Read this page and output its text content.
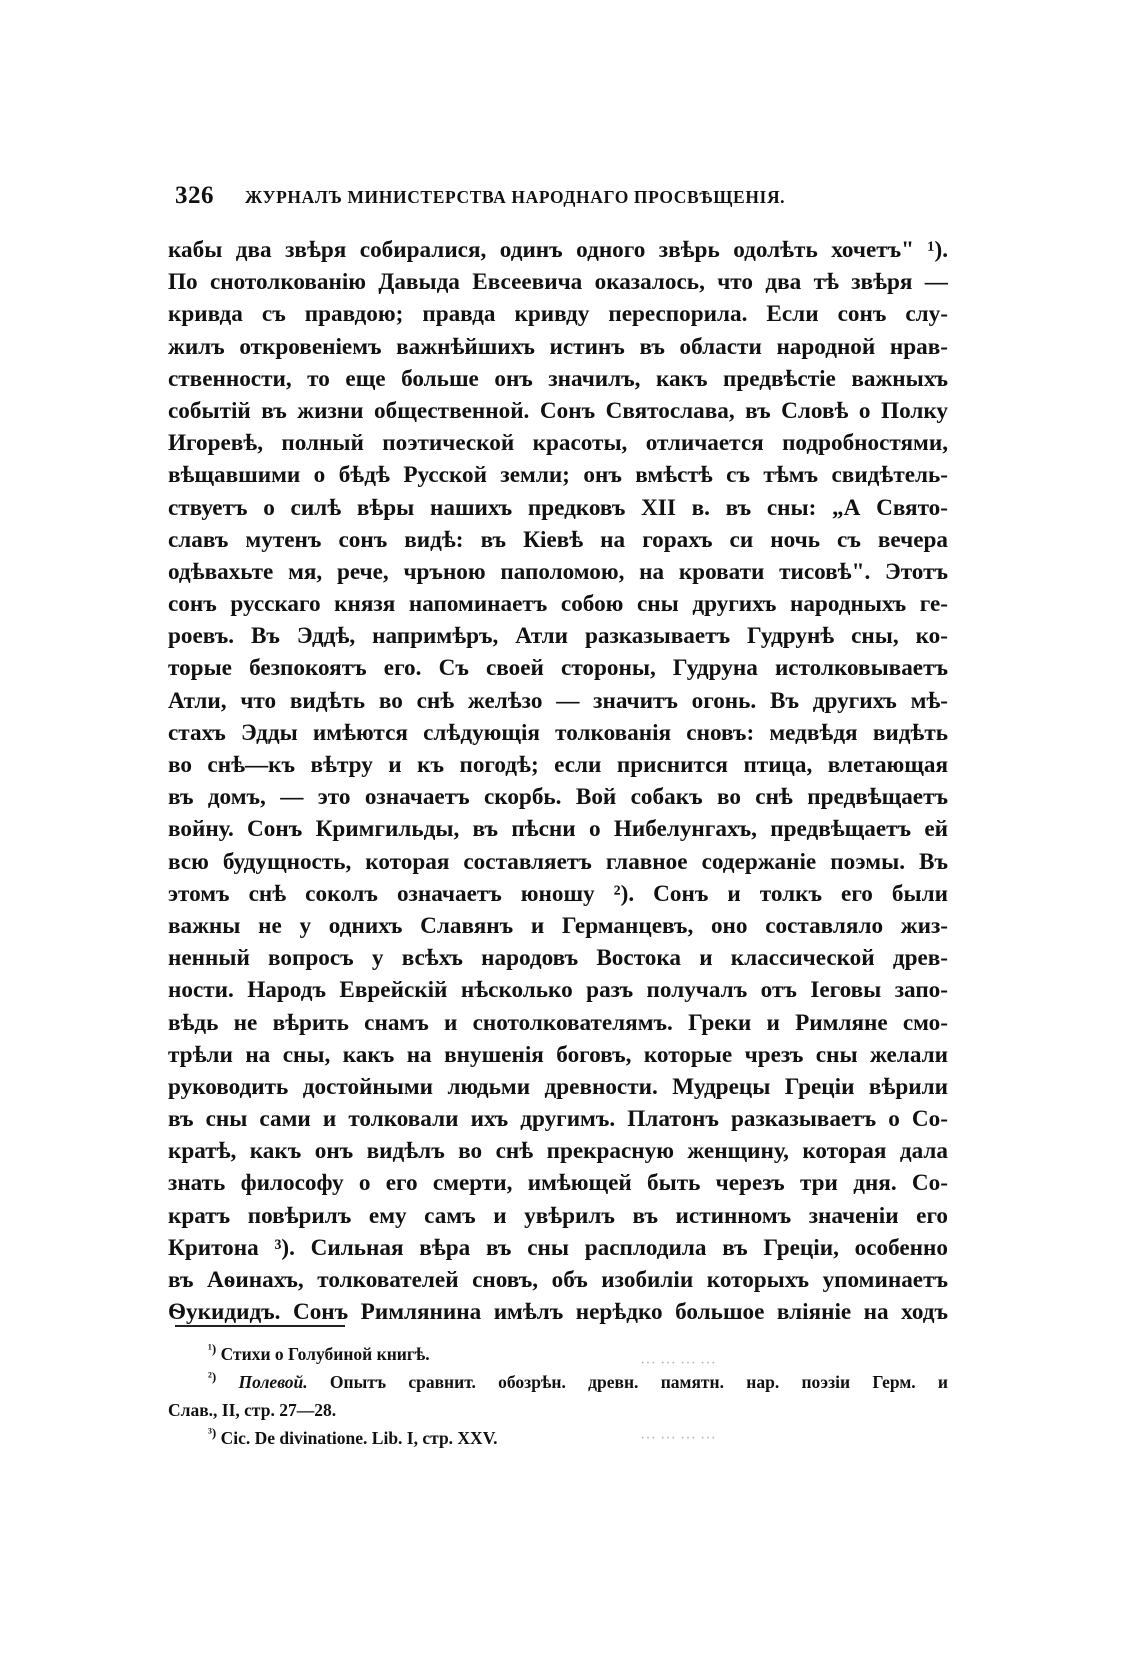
326	ЖУРНАЛЪ МИНИСТЕРСТВА НАРОДНАГО ПРОСВѢЩЕНІЯ.
кабы два звѣря собиралися, одинъ одного звѣрь одолѣть хочетъ" ¹).
По снотолкованію Давыда Евсеевича оказалось, что два тѣ звѣря —
кривда съ правдою; правда кривду переспорила. Если сонъ слу-
жилъ откровеніемъ важнѣйшихъ истинъ въ области народной нрав-
ственности, то еще больше онъ значилъ, какъ предвѣстіе важныхъ
событій въ жизни общественной. Сонъ Святослава, въ Словѣ о Полку
Игоревѣ, полный поэтической красоты, отличается подробностями,
вѣщавшими о бѣдѣ Русской земли; онъ вмѣстѣ съ тѣмъ свидѣтель-
ствуетъ о силѣ вѣры нашихъ предковъ XII в. въ сны: „А Свято-
славъ мутенъ сонъ видѣ: въ Кіевѣ на горахъ си ночь съ вечера
одѣвахьте мя, рече, чръною паполомою, на кровати тисовѣ". Этотъ
сонъ русскаго князя напоминаетъ собою сны другихъ народныхъ ге-
роевъ. Въ Эддѣ, напримѣръ, Атли разказываетъ Гудрунѣ сны, ко-
торые безпокоятъ его. Съ своей стороны, Гудруна истолковываетъ
Атли, что видѣть во снѣ желѣзо — значитъ огонь. Въ другихъ мѣ-
стахъ Эдды имѣются слѣдующія толкованія сновъ: медвѣдя видѣть
во снѣ—къ вѣтру и къ погодѣ; если приснится птица, влетающая
въ домъ, — это означаетъ скорбь. Вой собакъ во снѣ предвѣщаетъ
войну. Сонъ Кримгильды, въ пѣсни о Нибелунгахъ, предвѣщаетъ ей
всю будущность, которая составляетъ главное содержаніе поэмы. Въ
этомъ снѣ соколъ означаетъ юношу ²). Сонъ и толкъ его были
важны не у однихъ Славянъ и Германцевъ, оно составляло жиз-
ненный вопросъ у всѣхъ народовъ Востока и классической древ-
ности. Народъ Еврейскій нѣсколько разъ получалъ отъ Іеговы запо-
вѣдь не вѣрить снамъ и снотолкователямъ. Греки и Римляне смо-
трѣли на сны, какъ на внушенія боговъ, которые чрезъ сны желали
руководить достойными людьми древности. Мудрецы Греціи вѣрили
въ сны сами и толковали ихъ другимъ. Платонъ разказываетъ о Со-
кратѣ, какъ онъ видѣлъ во снѣ прекрасную женщину, которая дала
знать философу о его смерти, имѣющей быть черезъ три дня. Со-
кратъ повѣрилъ ему самъ и увѣрилъ въ истинномъ значеніи его
Критона ³). Сильная вѣра въ сны расплодила въ Греціи, особенно
въ Аѳинахъ, толкователей сновъ, объ изобиліи которыхъ упоминаетъ
Ѳукидидъ. Сонъ Римлянина имѣлъ нерѣдко большое вліяніе на ходъ
$^{^1)}$ Стихи о Голубиной книгѣ.
$^{^2)}$ Полевой. Опытъ сравнит. обозрѣн. древн. памятн. нар. поэзіи Герм. и
Слав., II, стр. 27—28.
$^{^3)}$ Cic. De divinatione. Lib. I, стр. XXV.
··· ··· ··· ···
··· ··· ··· ···
